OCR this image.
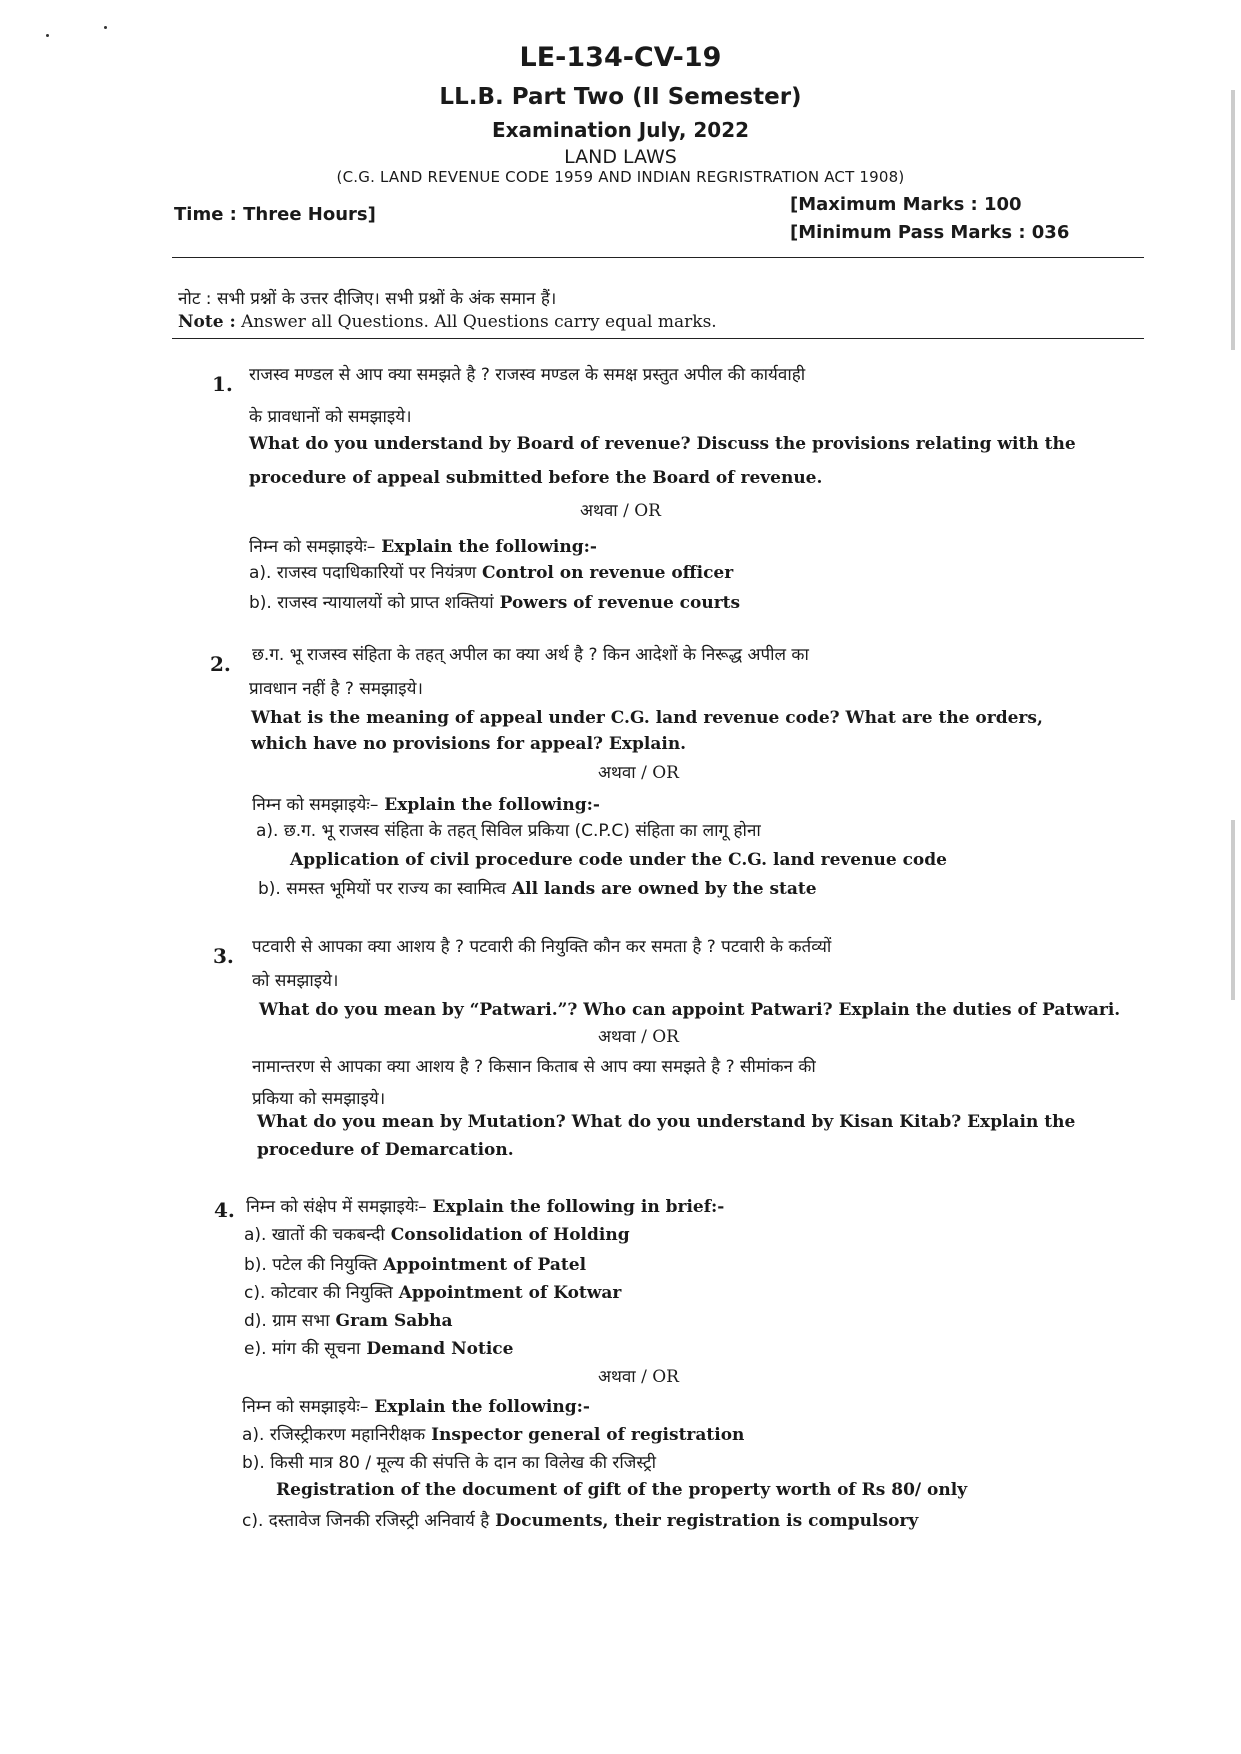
LE-134-CV-19
LL.B. Part Two (II Semester)
Examination July, 2022
LAND LAWS
(C.G. LAND REVENUE CODE 1959 AND INDIAN REGRISTRATION ACT 1908)
Time : Three Hours]	[Maximum Marks : 100
[Minimum Pass Marks : 036
नोट : सभी प्रश्नों के उत्तर दीजिए। सभी प्रश्नों के अंक समान हैं।
Note : Answer all Questions. All Questions carry equal marks.
1. राजस्व मण्डल से आप क्या समझते है ? राजस्व मण्डल के समक्ष प्रस्तुत अपील की कार्यवाही
के प्रावधानों को समझाइये।
What do you understand by Board of revenue? Discuss the provisions relating with the
procedure of appeal submitted before the Board of revenue.
अथवा / OR
निम्न को समझाइयेः– Explain the following:-
a). राजस्व पदाधिकारियों पर नियंत्रण Control on revenue officer
b). राजस्व न्यायालयों को प्राप्त शक्तियां Powers of revenue courts
2. छ.ग. भू राजस्व संहिता के तहत् अपील का क्या अर्थ है ? किन आदेशों के निरूद्ध अपील का
प्रावधान नहीं है ? समझाइये।
What is the meaning of appeal under C.G. land revenue code? What are the orders,
which have no provisions for appeal? Explain.
अथवा / OR
निम्न को समझाइयेः– Explain the following:-
a). छ.ग. भू राजस्व संहिता के तहत् सिविल प्रकिया (C.P.C) संहिता का लागू होना
Application of civil procedure code under the C.G. land revenue code
b). समस्त भूमियों पर राज्य का स्वामित्व All lands are owned by the state
3. पटवारी से आपका क्या आशय है ? पटवारी की नियुक्ति कौन कर समता है ? पटवारी के कर्तव्यों
को समझाइये।
What do you mean by “Patwari.”? Who can appoint Patwari? Explain the duties of Patwari.
अथवा / OR
नामान्तरण से आपका क्या आशय है ? किसान किताब से आप क्या समझते है ? सीमांकन की
प्रकिया को समझाइये।
What do you mean by Mutation? What do you understand by Kisan Kitab? Explain the
procedure of Demarcation.
4. निम्न को संक्षेप में समझाइयेः– Explain the following in brief:-
a). खातों की चकबन्दी Consolidation of Holding
b). पटेल की नियुक्ति Appointment of Patel
c). कोटवार की नियुक्ति Appointment of Kotwar
d). ग्राम सभा Gram Sabha
e). मांग की सूचना Demand Notice
अथवा / OR
निम्न को समझाइयेः– Explain the following:-
a). रजिस्ट्रीकरण महानिरीक्षक Inspector general of registration
b). किसी मात्र 80 / मूल्य की संपत्ति के दान का विलेख की रजिस्ट्री
Registration of the document of gift of the property worth of Rs 80/ only
c). दस्तावेज जिनकी रजिस्ट्री अनिवार्य है Documents, their registration is compulsory
